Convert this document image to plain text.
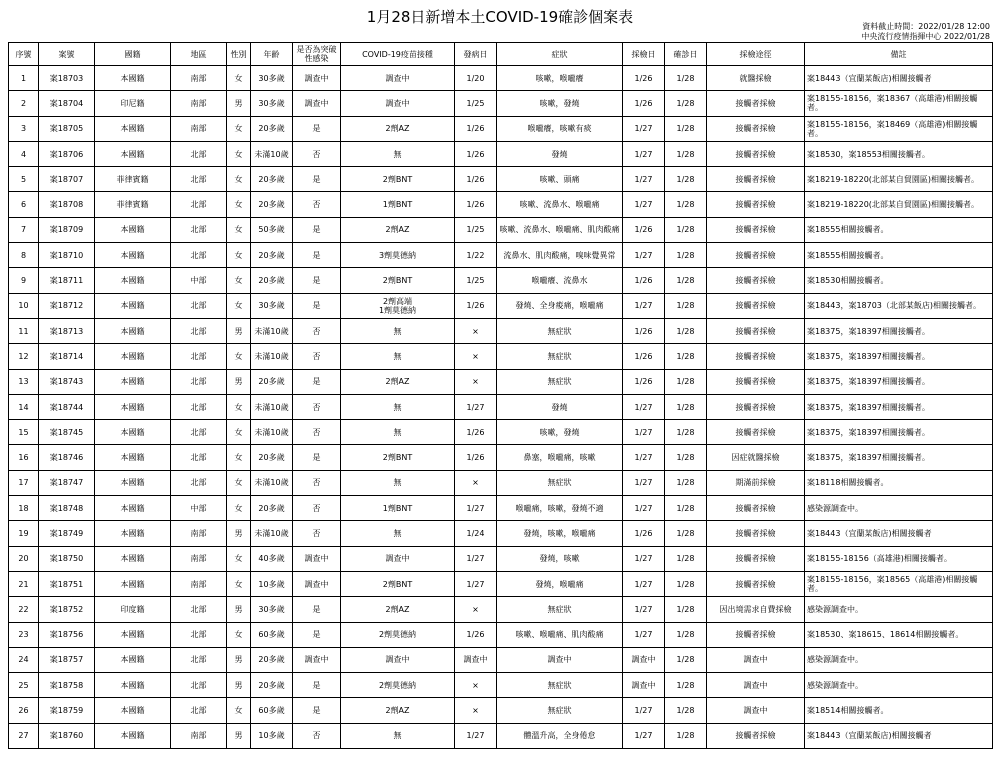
1月28日新增本土COVID-19確診個案表
資料截止時間：2022/01/28 12:00
中央流行疫情指揮中心 2022/01/28
序號	案號	國籍	地區	性別	年齡	是否為突破性感染	COVID-19疫苗接種	發病日	症狀	採檢日	確診日	採檢途徑	備註
1	案18703	本國籍	南部	女	30多歲	調查中	調查中	1/20	咳嗽，喉嚨癢	1/26	1/28	就醫採檢	案18443（宜蘭某飯店)相關接觸者
2	案18704	印尼籍	南部	男	30多歲	調查中	調查中	1/25	咳嗽，發燒	1/26	1/28	接觸者採檢	案18155-18156，案18367（高雄港)相關接觸者。
3	案18705	本國籍	南部	女	20多歲	是	2劑AZ	1/26	喉嚨癢，咳嗽有痰	1/27	1/28	接觸者採檢	案18155-18156，案18469（高雄港)相關接觸者。
4	案18706	本國籍	北部	女	未滿10歲	否	無	1/26	發燒	1/27	1/28	接觸者採檢	案18530，案18553相關接觸者。
5	案18707	菲律賓籍	北部	女	20多歲	是	2劑BNT	1/26	咳嗽、頭痛	1/27	1/28	接觸者採檢	案18219-18220(北部某自貿園區)相關接觸者。
6	案18708	菲律賓籍	北部	女	20多歲	否	1劑BNT	1/26	咳嗽、流鼻水、喉嚨痛	1/27	1/28	接觸者採檢	案18219-18220(北部某自貿園區)相關接觸者。
7	案18709	本國籍	北部	女	50多歲	是	2劑AZ	1/25	咳嗽、流鼻水、喉嚨痛、肌肉酸痛	1/26	1/28	接觸者採檢	案18555相關接觸者。
8	案18710	本國籍	北部	女	20多歲	是	3劑莫德納	1/22	流鼻水、肌肉酸痛，嗅味覺異常	1/27	1/28	接觸者採檢	案18555相關接觸者。
9	案18711	本國籍	中部	女	20多歲	是	2劑BNT	1/25	喉嚨癢、流鼻水	1/26	1/28	接觸者採檢	案18530相關接觸者。
10	案18712	本國籍	北部	女	30多歲	是	2劑高端
1劑莫德納	1/26	發燒、全身痠痛，喉嚨痛	1/27	1/28	接觸者採檢	案18443，案18703（北部某飯店)相關接觸者。
11	案18713	本國籍	北部	男	未滿10歲	否	無	×	無症狀	1/26	1/28	接觸者採檢	案18375，案18397相關接觸者。
12	案18714	本國籍	北部	女	未滿10歲	否	無	×	無症狀	1/26	1/28	接觸者採檢	案18375，案18397相關接觸者。
13	案18743	本國籍	北部	男	20多歲	是	2劑AZ	×	無症狀	1/26	1/28	接觸者採檢	案18375，案18397相關接觸者。
14	案18744	本國籍	北部	女	未滿10歲	否	無	1/27	發燒	1/27	1/28	接觸者採檢	案18375，案18397相關接觸者。
15	案18745	本國籍	北部	女	未滿10歲	否	無	1/26	咳嗽，發燒	1/27	1/28	接觸者採檢	案18375，案18397相關接觸者。
16	案18746	本國籍	北部	女	20多歲	是	2劑BNT	1/26	鼻塞，喉嚨痛，咳嗽	1/27	1/28	因症就醫採檢	案18375，案18397相關接觸者。
17	案18747	本國籍	北部	女	未滿10歲	否	無	×	無症狀	1/27	1/28	期滿前採檢	案18118相關接觸者。
18	案18748	本國籍	中部	女	20多歲	否	1劑BNT	1/27	喉嚨痛，咳嗽，發燒不適	1/27	1/28	接觸者採檢	感染源調查中。
19	案18749	本國籍	南部	男	未滿10歲	否	無	1/24	發燒，咳嗽，喉嚨痛	1/26	1/28	接觸者採檢	案18443（宜蘭某飯店)相關接觸者
20	案18750	本國籍	南部	女	40多歲	調查中	調查中	1/27	發燒，咳嗽	1/27	1/28	接觸者採檢	案18155-18156（高雄港)相關接觸者。
21	案18751	本國籍	南部	女	10多歲	調查中	2劑BNT	1/27	發燒，喉嚨痛	1/27	1/28	接觸者採檢	案18155-18156，案18565（高雄港)相關接觸者。
22	案18752	印度籍	北部	男	30多歲	是	2劑AZ	×	無症狀	1/27	1/28	因出境需求自費採檢	感染源調查中。
23	案18756	本國籍	北部	女	60多歲	是	2劑莫德納	1/26	咳嗽、喉嚨痛、肌肉酸痛	1/27	1/28	接觸者採檢	案18530、案18615、18614相關接觸者。
24	案18757	本國籍	北部	男	20多歲	調查中	調查中	調查中	調查中	調查中	1/28	調查中	感染源調查中。
25	案18758	本國籍	北部	男	20多歲	是	2劑莫德納	×	無症狀	調查中	1/28	調查中	感染源調查中。
26	案18759	本國籍	北部	女	60多歲	是	2劑AZ	×	無症狀	1/27	1/28	調查中	案18514相關接觸者。
27	案18760	本國籍	南部	男	10多歲	否	無	1/27	體溫升高，全身倦怠	1/27	1/28	接觸者採檢	案18443（宜蘭某飯店)相關接觸者
